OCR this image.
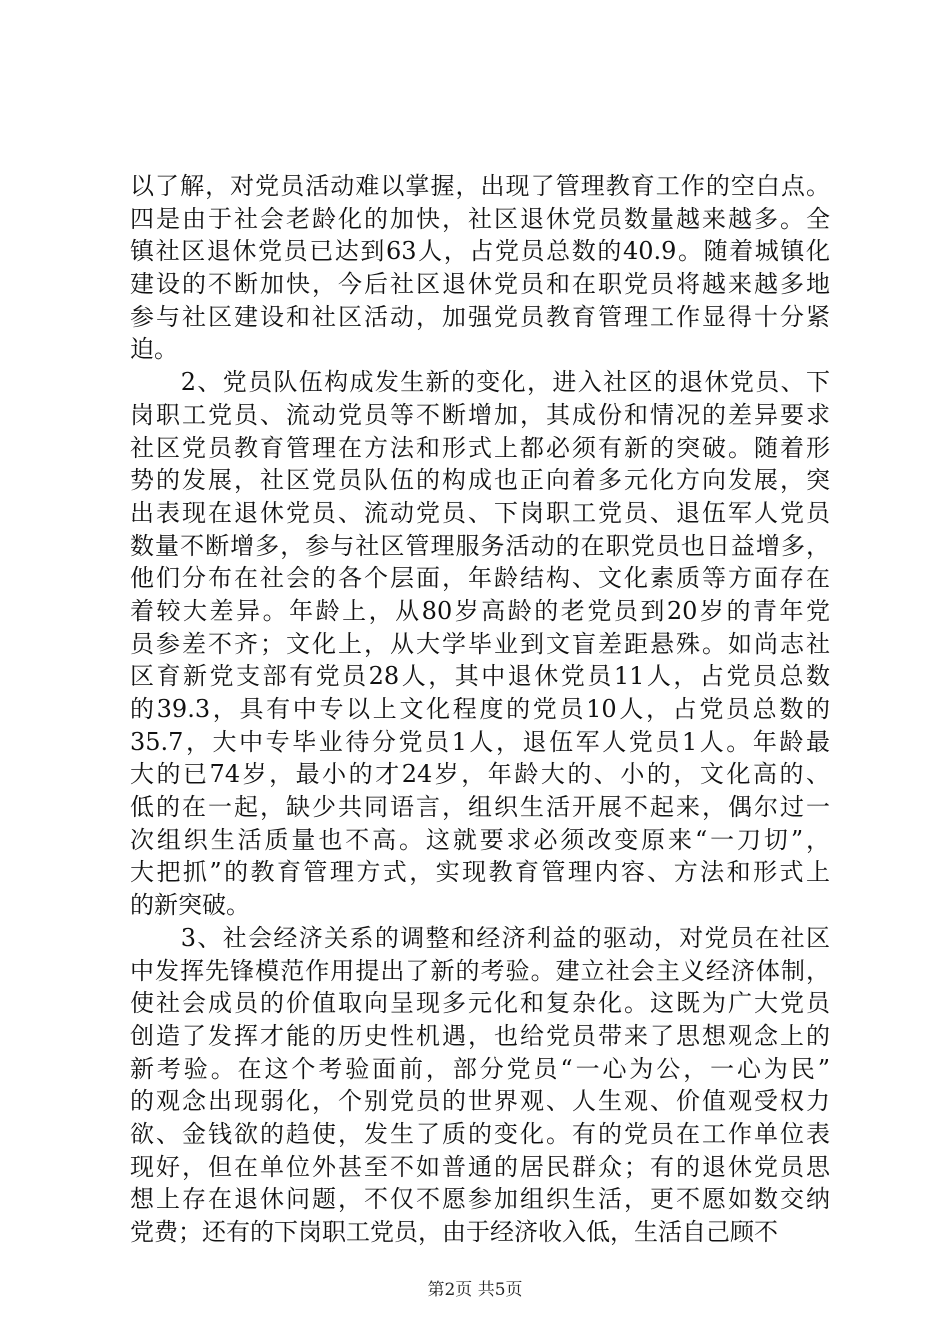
以了解，对党员活动难以掌握，出现了管理教育工作的空白点。
四是由于社会老龄化的加快，社区退休党员数量越来越多。全
镇社区退休党员已达到63人，占党员总数的40.9。随着城镇化
建设的不断加快，今后社区退休党员和在职党员将越来越多地
参与社区建设和社区活动，加强党员教育管理工作显得十分紧
迫。
　　2、党员队伍构成发生新的变化，进入社区的退休党员、下
岗职工党员、流动党员等不断增加，其成份和情况的差异要求
社区党员教育管理在方法和形式上都必须有新的突破。随着形
势的发展，社区党员队伍的构成也正向着多元化方向发展，突
出表现在退休党员、流动党员、下岗职工党员、退伍军人党员
数量不断增多，参与社区管理服务活动的在职党员也日益增多，
他们分布在社会的各个层面，年龄结构、文化素质等方面存在
着较大差异。年龄上，从80岁高龄的老党员到20岁的青年党
员参差不齐；文化上，从大学毕业到文盲差距悬殊。如尚志社
区育新党支部有党员28人，其中退休党员11人，占党员总数
的39.3，具有中专以上文化程度的党员10人，占党员总数的
35.7，大中专毕业待分党员1人，退伍军人党员1人。年龄最
大的已74岁，最小的才24岁，年龄大的、小的，文化高的、
低的在一起，缺少共同语言，组织生活开展不起来，偶尔过一
次组织生活质量也不高。这就要求必须改变原来“一刀切”，
大把抓”的教育管理方式，实现教育管理内容、方法和形式上
的新突破。
　　3、社会经济关系的调整和经济利益的驱动，对党员在社区
中发挥先锋模范作用提出了新的考验。建立社会主义经济体制，
使社会成员的价值取向呈现多元化和复杂化。这既为广大党员
创造了发挥才能的历史性机遇，也给党员带来了思想观念上的
新考验。在这个考验面前，部分党员“一心为公，一心为民”
的观念出现弱化，个别党员的世界观、人生观、价值观受权力
欲、金钱欲的趋使，发生了质的变化。有的党员在工作单位表
现好，但在单位外甚至不如普通的居民群众；有的退休党员思
想上存在退休问题，不仅不愿参加组织生活，更不愿如数交纳
党费；还有的下岗职工党员，由于经济收入低，生活自己顾不
第2页 共5页
